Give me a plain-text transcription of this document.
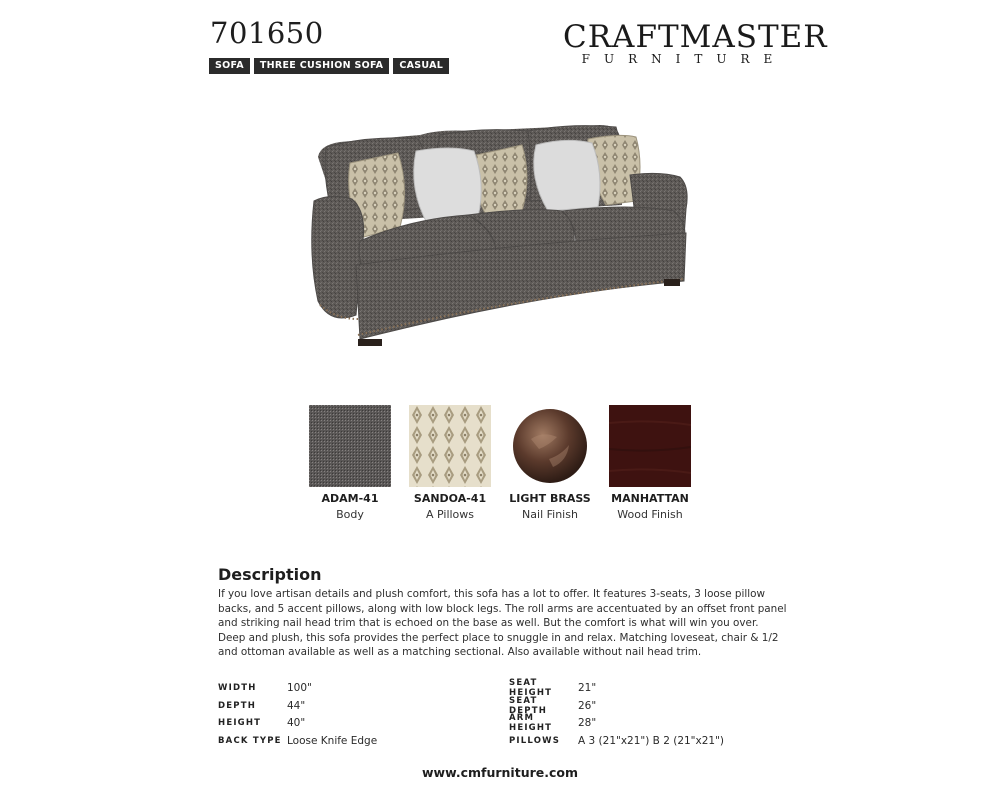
701650
SOFA	THREE CUSHION SOFA	CASUAL
CRAFTMASTER
FURNITURE
ADAM-41
Body
SANDOA-41
A Pillows
LIGHT BRASS
Nail Finish
MANHATTAN
Wood Finish
Description
If you love artisan details and plush comfort, this sofa has a lot to offer. It features 3-seats, 3 loose pillow backs, and 5 accent pillows, along with low block legs. The roll arms are accentuated by an offset front panel and striking nail head trim that is echoed on the base as well. But the comfort is what will win you over. Deep and plush, this sofa provides the perfect place to snuggle in and relax. Matching loveseat, chair & 1/2 and ottoman available as well as a matching sectional. Also available without nail head trim.
WIDTH	100"
DEPTH	44"
HEIGHT	40"
BACK TYPE Loose Knife Edge
SEAT HEIGHT	21"
SEAT DEPTH	26"
ARM HEIGHT	28"
PILLOWS	A 3 (21"x21") B 2 (21"x21")
www.cmfurniture.com
